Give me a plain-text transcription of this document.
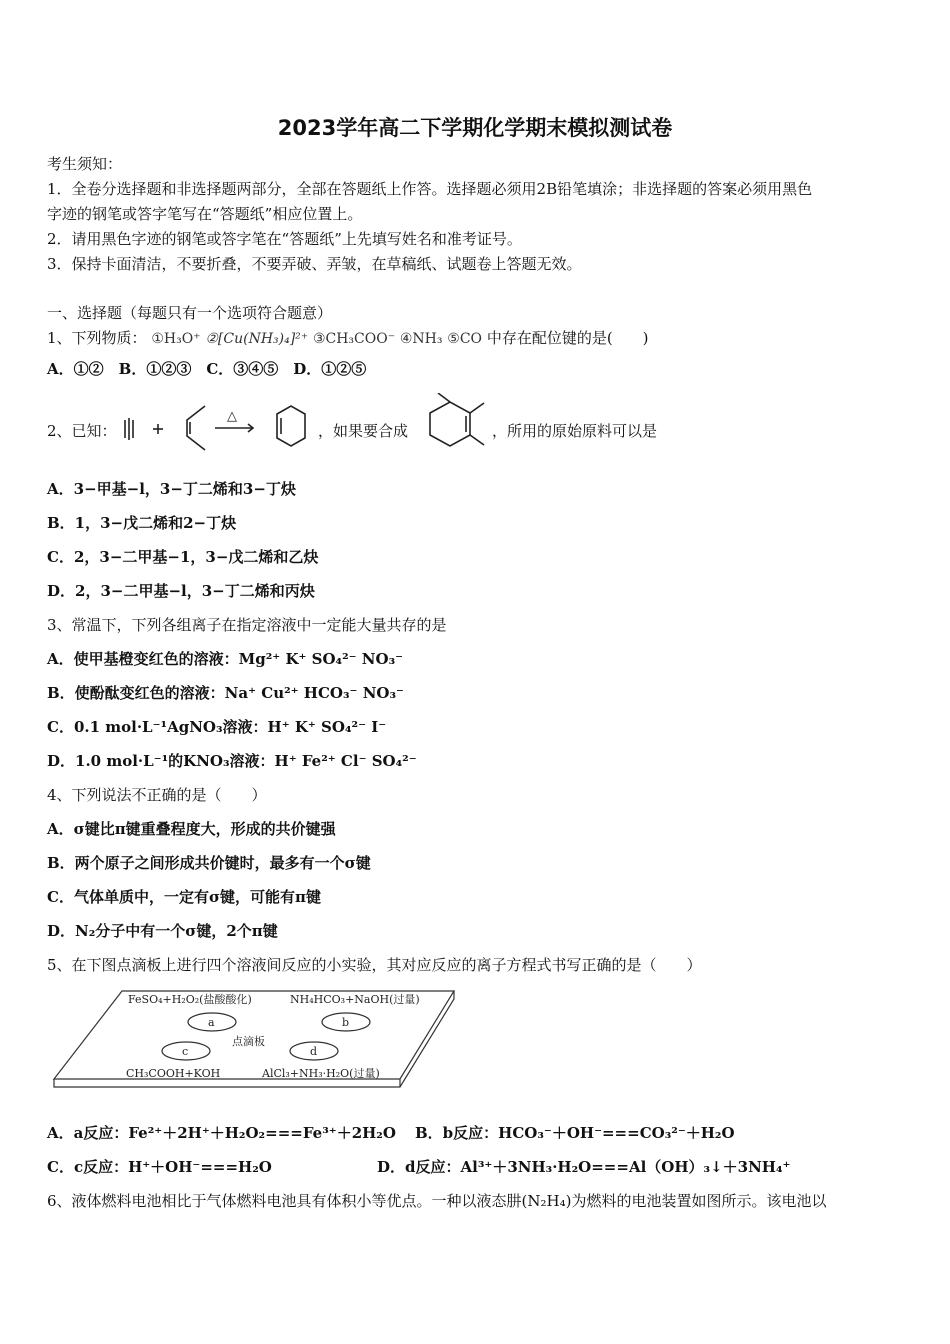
2023学年高二下学期化学期末模拟测试卷
考生须知：
1．全卷分选择题和非选择题两部分，全部在答题纸上作答。选择题必须用2B铅笔填涂；非选择题的答案必须用黑色
字迹的钢笔或答字笔写在“答题纸”相应位置上。
2．请用黑色字迹的钢笔或答字笔在“答题纸”上先填写姓名和准考证号。
3．保持卡面清洁，不要折叠，不要弄破、弄皱，在草稿纸、试题卷上答题无效。
一、选择题（每题只有一个选项符合题意）
1、下列物质： ①H₃O⁺ ②[Cu(NH₃)₄]²⁺ ③CH₃COO⁻ ④NH₃ ⑤CO 中存在配位键的是(　　)
A．①②　B．①②③　C．③④⑤　D．①②⑤
2、已知：
△
，如果要合成	，所用的原始原料可以是
A．3−甲基−l，3−丁二烯和3−丁炔
B．1，3−戊二烯和2−丁炔
C．2，3−二甲基−1，3−戊二烯和乙炔
D．2，3−二甲基−l，3−丁二烯和丙炔
3、常温下，下列各组离子在指定溶液中一定能大量共存的是
A．使甲基橙变红色的溶液：Mg²⁺ K⁺ SO₄²⁻ NO₃⁻
B．使酚酞变红色的溶液：Na⁺ Cu²⁺ HCO₃⁻ NO₃⁻
C．0.1 mol·L⁻¹AgNO₃溶液：H⁺ K⁺ SO₄²⁻ I⁻
D．1.0 mol·L⁻¹的KNO₃溶液：H⁺ Fe²⁺ Cl⁻ SO₄²⁻
4、下列说法不正确的是（　　）
A．σ键比π键重叠程度大，形成的共价键强
B．两个原子之间形成共价键时，最多有一个σ键
C．气体单质中，一定有σ键，可能有π键
D．N₂分子中有一个σ键，2个π键
5、在下图点滴板上进行四个溶液间反应的小实验，其对应反应的离子方程式书写正确的是（　　）
FeSO₄+H₂O₂(盐酸酸化)	NH₄HCO₃+NaOH(过量)
点滴板
CH₃COOH+KOH	AlCl₃+NH₃·H₂O(过量)
a	b
c	d
A．a反应：Fe²⁺＋2H⁺＋H₂O₂===Fe³⁺＋2H₂O B．b反应：HCO₃⁻＋OH⁻===CO₃²⁻＋H₂O
C．c反应：H⁺＋OH⁻===H₂O	D．d反应：Al³⁺＋3NH₃·H₂O===Al（OH）₃↓＋3NH₄⁺
6、液体燃料电池相比于气体燃料电池具有体积小等优点。一种以液态肼(N₂H₄)为燃料的电池装置如图所示。该电池以
